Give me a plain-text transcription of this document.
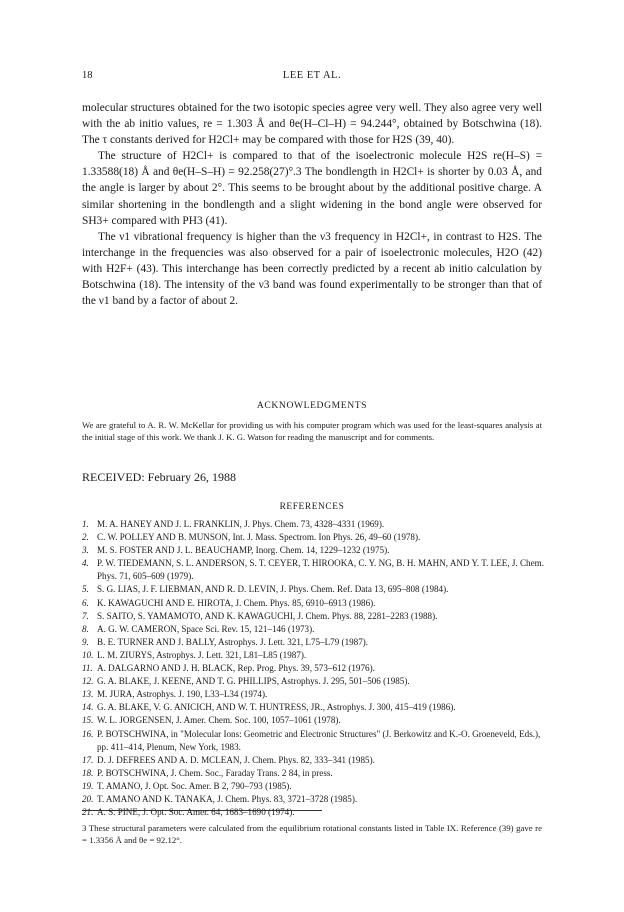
18	LEE ET AL.

molecular structures obtained for the two isotopic species agree very well. They also agree very well with the ab initio values, re = 1.303 Å and θe(H–Cl–H) = 94.244°, obtained by Botschwina (18). The τ constants derived for H2Cl+ may be compared with those for H2S (39, 40).

The structure of H2Cl+ is compared to that of the isoelectronic molecule H2S re(H–S) = 1.33588(18) Å and θe(H–S–H) = 92.258(27)°.3 The bondlength in H2Cl+ is shorter by 0.03 Å, and the angle is larger by about 2°. This seems to be brought about by the additional positive charge. A similar shortening in the bondlength and a slight widening in the bond angle were observed for SH3+ compared with PH3 (41).

The ν1 vibrational frequency is higher than the ν3 frequency in H2Cl+, in contrast to H2S. The interchange in the frequencies was also observed for a pair of isoelectronic molecules, H2O (42) with H2F+ (43). This interchange has been correctly predicted by a recent ab initio calculation by Botschwina (18). The intensity of the ν3 band was found experimentally to be stronger than that of the ν1 band by a factor of about 2.

ACKNOWLEDGMENTS
We are grateful to A. R. W. McKellar for providing us with his computer program which was used for the least-squares analysis at the initial stage of this work. We thank J. K. G. Watson for reading the manuscript and for comments.
RECEIVED: February 26, 1988
REFERENCES
1. M. A. HANEY AND J. L. FRANKLIN, J. Phys. Chem. 73, 4328–4331 (1969).
2. C. W. POLLEY AND B. MUNSON, Int. J. Mass. Spectrom. Ion Phys. 26, 49–60 (1978).
3. M. S. FOSTER AND J. L. BEAUCHAMP, Inorg. Chem. 14, 1229–1232 (1975).
4. P. W. TIEDEMANN, S. L. ANDERSON, S. T. CEYER, T. HIROOKA, C. Y. NG, B. H. MAHN, AND Y. T. LEE, J. Chem. Phys. 71, 605–609 (1979).
5. S. G. LIAS, J. F. LIEBMAN, AND R. D. LEVIN, J. Phys. Chem. Ref. Data 13, 695–808 (1984).
6. K. KAWAGUCHI AND E. HIROTA, J. Chem. Phys. 85, 6910–6913 (1986).
7. S. SAITO, S. YAMAMOTO, AND K. KAWAGUCHI, J. Chem. Phys. 88, 2281–2283 (1988).
8. A. G. W. CAMERON, Space Sci. Rev. 15, 121–146 (1973).
9. B. E. TURNER AND J. BALLY, Astrophys. J. Lett. 321, L75–L79 (1987).
10. L. M. ZIURYS, Astrophys. J. Lett. 321, L81–L85 (1987).
11. A. DALGARNO AND J. H. BLACK, Rep. Prog. Phys. 39, 573–612 (1976).
12. G. A. BLAKE, J. KEENE, AND T. G. PHILLIPS, Astrophys. J. 295, 501–506 (1985).
13. M. JURA, Astrophys. J. 190, L33–L34 (1974).
14. G. A. BLAKE, V. G. ANICICH, AND W. T. HUNTRESS, JR., Astrophys. J. 300, 415–419 (1986).
15. W. L. JORGENSEN, J. Amer. Chem. Soc. 100, 1057–1061 (1978).
16. P. BOTSCHWINA, in "Molecular Ions: Geometric and Electronic Structures" (J. Berkowitz and K.-O. Groeneveld, Eds.), pp. 411–414, Plenum, New York, 1983.
17. D. J. DEFREES AND A. D. MCLEAN, J. Chem. Phys. 82, 333–341 (1985).
18. P. BOTSCHWINA, J. Chem. Soc., Faraday Trans. 2 84, in press.
19. T. AMANO, J. Opt. Soc. Amer. B 2, 790–793 (1985).
20. T. AMANO AND K. TANAKA, J. Chem. Phys. 83, 3721–3728 (1985).
21. A. S. PINE, J. Opt. Soc. Amer. 64, 1683–1690 (1974).
3 These structural parameters were calculated from the equilibrium rotational constants listed in Table IX. Reference (39) gave re = 1.3356 Å and θe = 92.12°.
